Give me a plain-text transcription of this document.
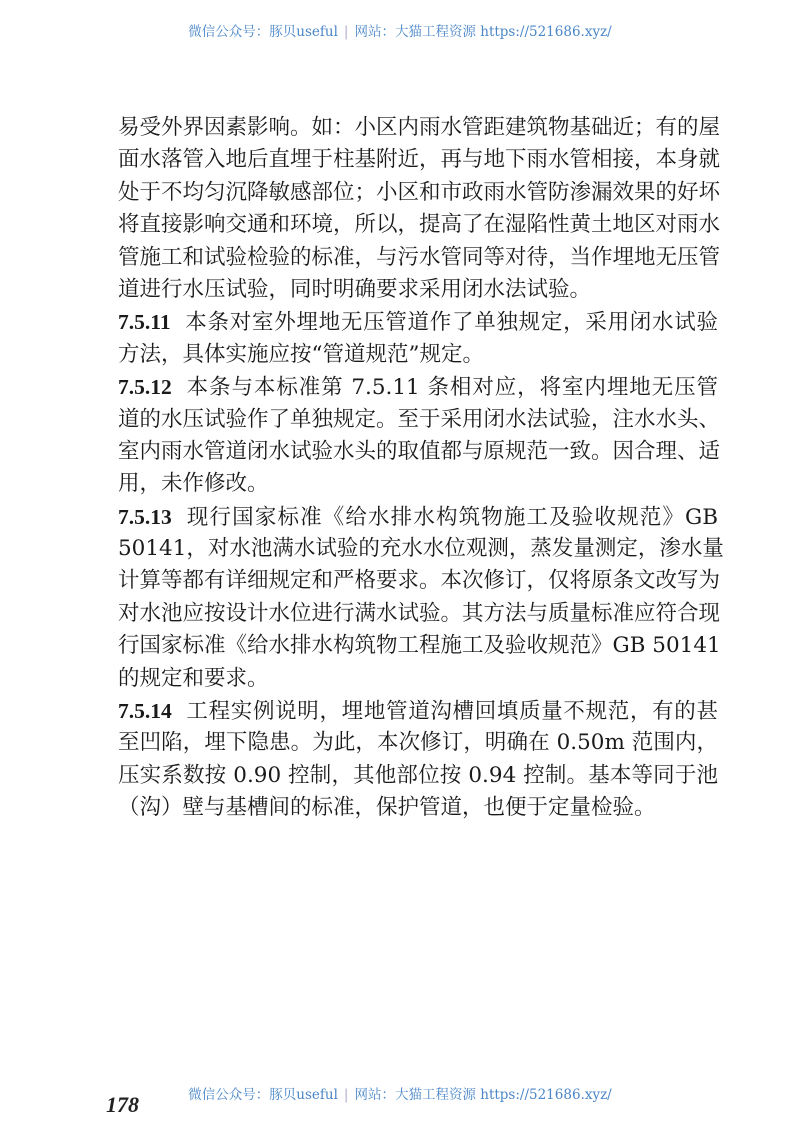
微信公众号：豚贝useful | 网站：大猫工程资源 https://521686.xyz/
易受外界因素影响。如：小区内雨水管距建筑物基础近；有的屋
面水落管入地后直埋于柱基附近，再与地下雨水管相接，本身就
处于不均匀沉降敏感部位；小区和市政雨水管防渗漏效果的好坏
将直接影响交通和环境，所以，提高了在湿陷性黄土地区对雨水
管施工和试验检验的标准，与污水管同等对待，当作埋地无压管
道进行水压试验，同时明确要求采用闭水法试验。
7.5.11 本条对室外埋地无压管道作了单独规定，采用闭水试验
方法，具体实施应按“管道规范”规定。
7.5.12 本条与本标准第 7.5.11 条相对应，将室内埋地无压管
道的水压试验作了单独规定。至于采用闭水法试验，注水水头、
室内雨水管道闭水试验水头的取值都与原规范一致。因合理、适
用，未作修改。
7.5.13 现行国家标准《给水排水构筑物施工及验收规范》GB
50141，对水池满水试验的充水水位观测，蒸发量测定，渗水量
计算等都有详细规定和严格要求。本次修订，仅将原条文改写为
对水池应按设计水位进行满水试验。其方法与质量标准应符合现
行国家标准《给水排水构筑物工程施工及验收规范》GB 50141
的规定和要求。
7.5.14 工程实例说明，埋地管道沟槽回填质量不规范，有的甚
至凹陷，埋下隐患。为此，本次修订，明确在 0.50m 范围内，
压实系数按 0.90 控制，其他部位按 0.94 控制。基本等同于池
（沟）壁与基槽间的标准，保护管道，也便于定量检验。
微信公众号：豚贝useful | 网站：大猫工程资源 https://521686.xyz/
178
